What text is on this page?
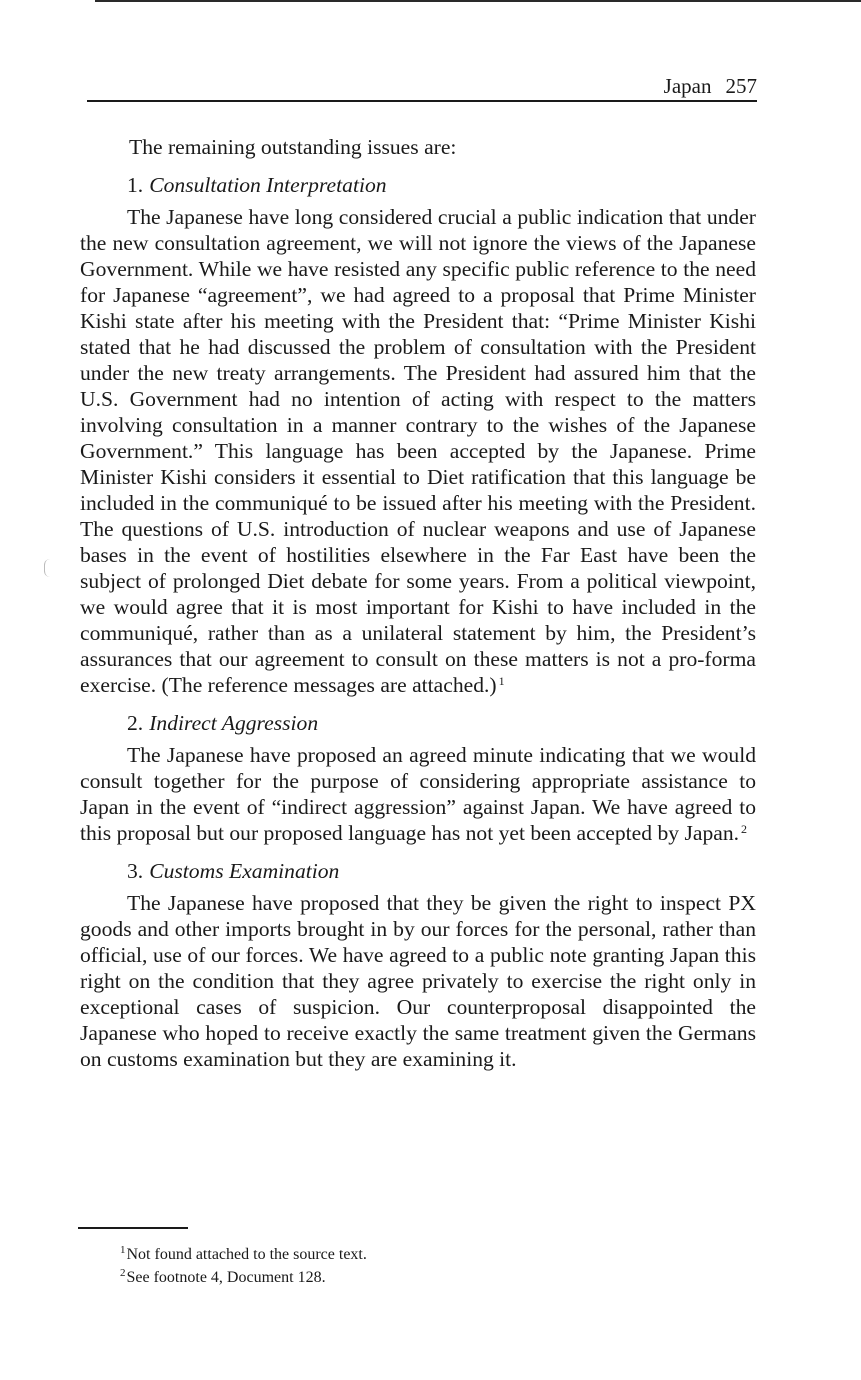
Japan 257

The remaining outstanding issues are:

1. Consultation Interpretation

The Japanese have long considered crucial a public indication that under the new consultation agreement, we will not ignore the views of the Japanese Government. While we have resisted any specific public reference to the need for Japanese “agreement”, we had agreed to a proposal that Prime Minister Kishi state after his meeting with the President that: “Prime Minister Kishi stated that he had discussed the problem of consultation with the President under the new treaty arrangements. The President had assured him that the U.S. Government had no intention of acting with respect to the matters involving consultation in a manner contrary to the wishes of the Japanese Government.” This language has been accepted by the Japanese. Prime Minister Kishi considers it essential to Diet ratification that this language be included in the communiqué to be issued after his meeting with the President. The questions of U.S. introduction of nuclear weapons and use of Japanese bases in the event of hostilities elsewhere in the Far East have been the subject of prolonged Diet debate for some years. From a political viewpoint, we would agree that it is most important for Kishi to have included in the communiqué, rather than as a unilateral statement by him, the President’s assurances that our agreement to consult on these matters is not a pro-forma exercise. (The reference messages are attached.) $^1$

2. Indirect Aggression

The Japanese have proposed an agreed minute indicating that we would consult together for the purpose of considering appropriate assistance to Japan in the event of “indirect aggression” against Japan. We have agreed to this proposal but our proposed language has not yet been accepted by Japan. $^2$

3. Customs Examination

The Japanese have proposed that they be given the right to inspect PX goods and other imports brought in by our forces for the personal, rather than official, use of our forces. We have agreed to a public note granting Japan this right on the condition that they agree privately to exercise the right only in exceptional cases of suspicion. Our counterproposal disappointed the Japanese who hoped to receive exactly the same treatment given the Germans on customs examination but they are examining it.

$^1$Not found attached to the source text.
$^2$See footnote 4, Document 128.
